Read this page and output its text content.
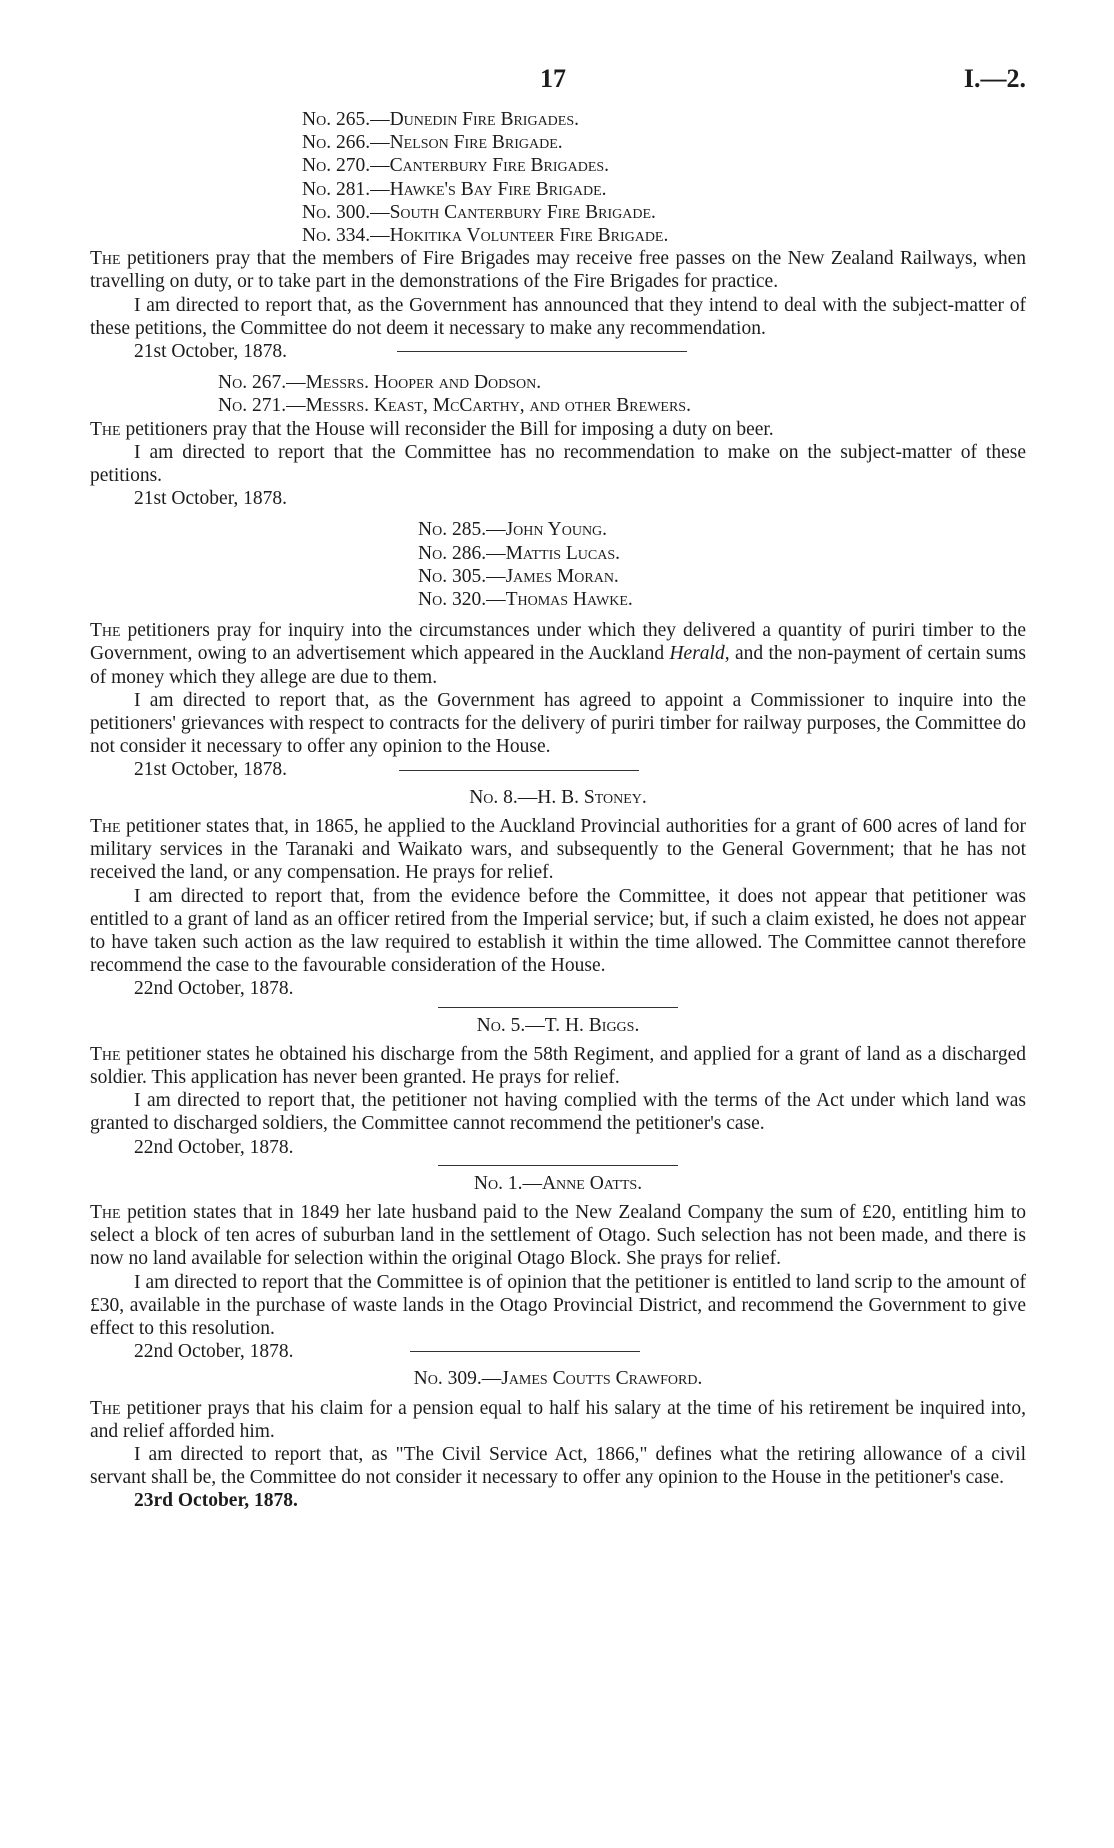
17	I.—2.
No. 265.—Dunedin Fire Brigades.
No. 266.—Nelson Fire Brigade.
No. 270.—Canterbury Fire Brigades.
No. 281.—Hawke's Bay Fire Brigade.
No. 300.—South Canterbury Fire Brigade.
No. 334.—Hokitika Volunteer Fire Brigade.

The petitioners pray that the members of Fire Brigades may receive free passes on the New Zealand Railways, when travelling on duty, or to take part in the demonstrations of the Fire Brigades for practice.

I am directed to report that, as the Government has announced that they intend to deal with the subject-matter of these petitions, the Committee do not deem it necessary to make any recommendation.

21st October, 1878.

No. 267.—Messrs. Hooper and Dodson.
No. 271.—Messrs. Keast, McCarthy, and other Brewers.

The petitioners pray that the House will reconsider the Bill for imposing a duty on beer.

I am directed to report that the Committee has no recommendation to make on the subject-matter of these petitions.

21st October, 1878.

No. 285.—John Young.
No. 286.—Mattis Lucas.
No. 305.—James Moran.
No. 320.—Thomas Hawke.

The petitioners pray for inquiry into the circumstances under which they delivered a quantity of puriri timber to the Government, owing to an advertisement which appeared in the Auckland Herald, and the non-payment of certain sums of money which they allege are due to them.

I am directed to report that, as the Government has agreed to appoint a Commissioner to inquire into the petitioners' grievances with respect to contracts for the delivery of puriri timber for railway purposes, the Committee do not consider it necessary to offer any opinion to the House.

21st October, 1878.

No. 8.—H. B. Stoney.

The petitioner states that, in 1865, he applied to the Auckland Provincial authorities for a grant of 600 acres of land for military services in the Taranaki and Waikato wars, and subsequently to the General Government; that he has not received the land, or any compensation. He prays for relief.

I am directed to report that, from the evidence before the Committee, it does not appear that petitioner was entitled to a grant of land as an officer retired from the Imperial service; but, if such a claim existed, he does not appear to have taken such action as the law required to establish it within the time allowed. The Committee cannot therefore recommend the case to the favourable consideration of the House.

22nd October, 1878.

No. 5.—T. H. Biggs.

The petitioner states he obtained his discharge from the 58th Regiment, and applied for a grant of land as a discharged soldier. This application has never been granted. He prays for relief.

I am directed to report that, the petitioner not having complied with the terms of the Act under which land was granted to discharged soldiers, the Committee cannot recommend the petitioner's case.

22nd October, 1878.

No. 1.—Anne Oatts.

The petition states that in 1849 her late husband paid to the New Zealand Company the sum of £20, entitling him to select a block of ten acres of suburban land in the settlement of Otago. Such selection has not been made, and there is now no land available for selection within the original Otago Block. She prays for relief.

I am directed to report that the Committee is of opinion that the petitioner is entitled to land scrip to the amount of £30, available in the purchase of waste lands in the Otago Provincial District, and recommend the Government to give effect to this resolution.

22nd October, 1878.

No. 309.—James Coutts Crawford.

The petitioner prays that his claim for a pension equal to half his salary at the time of his retirement be inquired into, and relief afforded him.

I am directed to report that, as "The Civil Service Act, 1866," defines what the retiring allowance of a civil servant shall be, the Committee do not consider it necessary to offer any opinion to the House in the petitioner's case.

23rd October, 1878.
